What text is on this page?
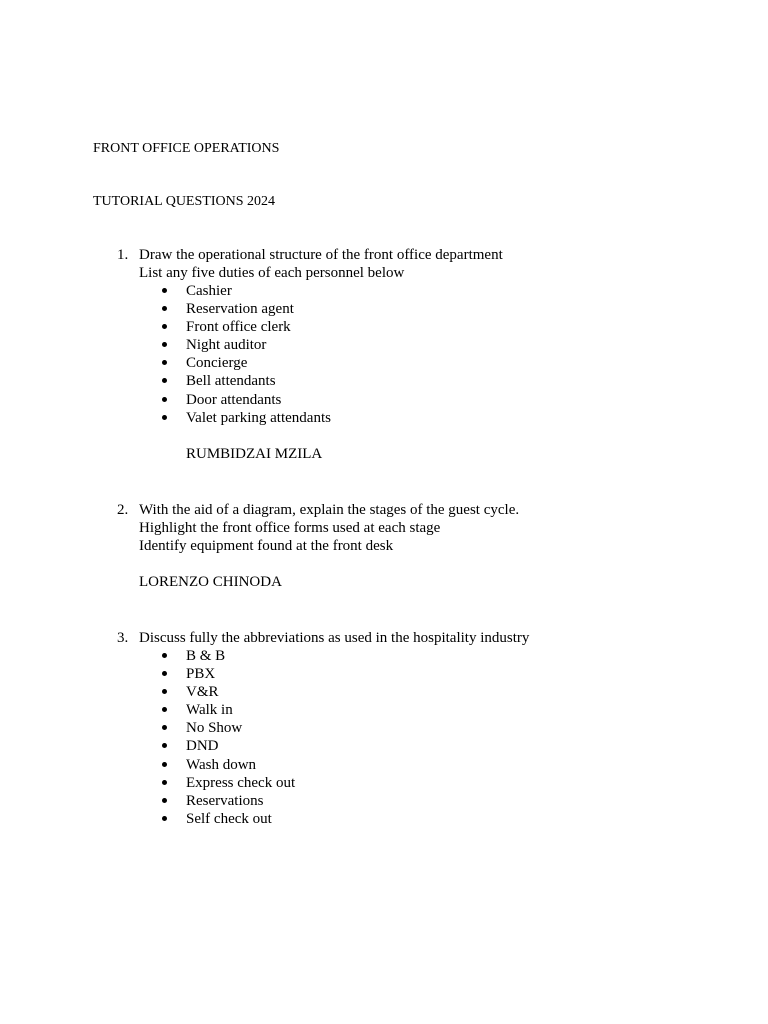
FRONT OFFICE OPERATIONS
TUTORIAL QUESTIONS 2024
1. Draw the operational structure of the front office department
List any five duties of each personnel below
Cashier
Reservation agent
Front office clerk
Night auditor
Concierge
Bell attendants
Door attendants
Valet parking attendants
RUMBIDZAI MZILA
2. With the aid of a diagram, explain the stages of the guest cycle.
Highlight the front office forms used at each stage
Identify equipment found at the front desk
LORENZO CHINODA
3. Discuss fully the abbreviations as used in the hospitality industry
B & B
PBX
V&R
Walk in
No Show
DND
Wash down
Express check out
Reservations
Self check out
